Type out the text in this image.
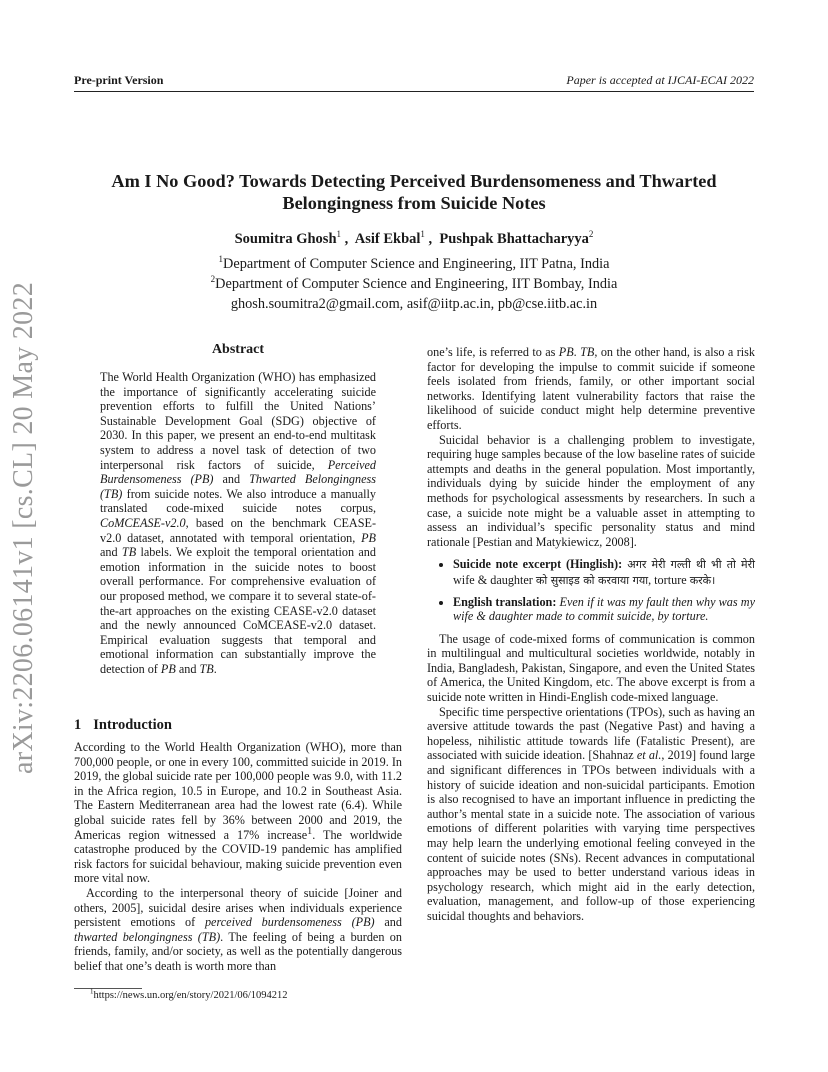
Pre-print Version	Paper is accepted at IJCAI-ECAI 2022
arXiv:2206.06141v1 [cs.CL] 20 May 2022
Am I No Good? Towards Detecting Perceived Burdensomeness and Thwarted
Belongingness from Suicide Notes
Soumitra Ghosh$^1$ ,  Asif Ekbal$^1$ ,  Pushpak Bhattacharyya$^2$
$^1$Department of Computer Science and Engineering, IIT Patna, India
$^2$Department of Computer Science and Engineering, IIT Bombay, India
ghosh.soumitra2@gmail.com, asif@iitp.ac.in, pb@cse.iitb.ac.in
Abstract

The World Health Organization (WHO) has emphasized the importance of significantly accelerating suicide prevention efforts to fulfill the United Nations’ Sustainable Development Goal (SDG) objective of 2030. In this paper, we present an end-to-end multitask system to address a novel task of detection of two interpersonal risk factors of suicide, Perceived Burdensomeness (PB) and Thwarted Belongingness (TB) from suicide notes. We also introduce a manually translated code-mixed suicide notes corpus, CoMCEASE-v2.0, based on the benchmark CEASE-v2.0 dataset, annotated with temporal orientation, PB and TB labels. We exploit the temporal orientation and emotion information in the suicide notes to boost overall performance. For comprehensive evaluation of our proposed method, we compare it to several state-of-the-art approaches on the existing CEASE-v2.0 dataset and the newly announced CoMCEASE-v2.0 dataset. Empirical evaluation suggests that temporal and emotional information can substantially improve the detection of PB and TB.

1 Introduction

According to the World Health Organization (WHO), more than 700,000 people, or one in every 100, committed suicide in 2019. In 2019, the global suicide rate per 100,000 people was 9.0, with 11.2 in the Africa region, 10.5 in Europe, and 10.2 in Southeast Asia. The Eastern Mediterranean area had the lowest rate (6.4). While global suicide rates fell by 36% between 2000 and 2019, the Americas region witnessed a 17% increase$^1$. The worldwide catastrophe produced by the COVID-19 pandemic has amplified risk factors for suicidal behaviour, making suicide prevention even more vital now.

According to the interpersonal theory of suicide [Joiner and others, 2005], suicidal desire arises when individuals experience persistent emotions of perceived burdensomeness (PB) and thwarted belongingness (TB). The feeling of being a burden on friends, family, and/or society, as well as the potentially dangerous belief that one’s death is worth more than

one’s life, is referred to as PB. TB, on the other hand, is also a risk factor for developing the impulse to commit suicide if someone feels isolated from friends, family, or other important social networks. Identifying latent vulnerability factors that raise the likelihood of suicide conduct might help determine preventive efforts.

Suicidal behavior is a challenging problem to investigate, requiring huge samples because of the low baseline rates of suicide attempts and deaths in the general population. Most importantly, individuals dying by suicide hinder the employment of any methods for psychological assessments by researchers. In such a case, a suicide note might be a valuable asset in attempting to assess an individual’s specific personality status and mind rationale [Pestian and Matykiewicz, 2008].

• Suicide note excerpt (Hinglish): अगर मेरी गल्ती थी भी तो मेरी wife & daughter को सुसाइड को करवाया गया, torture करके।
• English translation: Even if it was my fault then why was my wife & daughter made to commit suicide, by torture.

The usage of code-mixed forms of communication is common in multilingual and multicultural societies worldwide, notably in India, Bangladesh, Pakistan, Singapore, and even the United States of America, the United Kingdom, etc. The above excerpt is from a suicide note written in Hindi-English code-mixed language.

Specific time perspective orientations (TPOs), such as having an aversive attitude towards the past (Negative Past) and having a hopeless, nihilistic attitude towards life (Fatalistic Present), are associated with suicide ideation. [Shahnaz et al., 2019] found large and significant differences in TPOs between individuals with a history of suicide ideation and non-suicidal participants. Emotion is also recognised to have an important influence in predicting the author’s mental state in a suicide note. The association of various emotions of different polarities with varying time perspectives may help learn the underlying emotional feeling conveyed in the content of suicide notes (SNs). Recent advances in computational approaches may be used to better understand various ideas in psychology research, which might aid in the early detection, evaluation, management, and follow-up of those experiencing suicidal thoughts and behaviors.

$^1$https://news.un.org/en/story/2021/06/1094212
